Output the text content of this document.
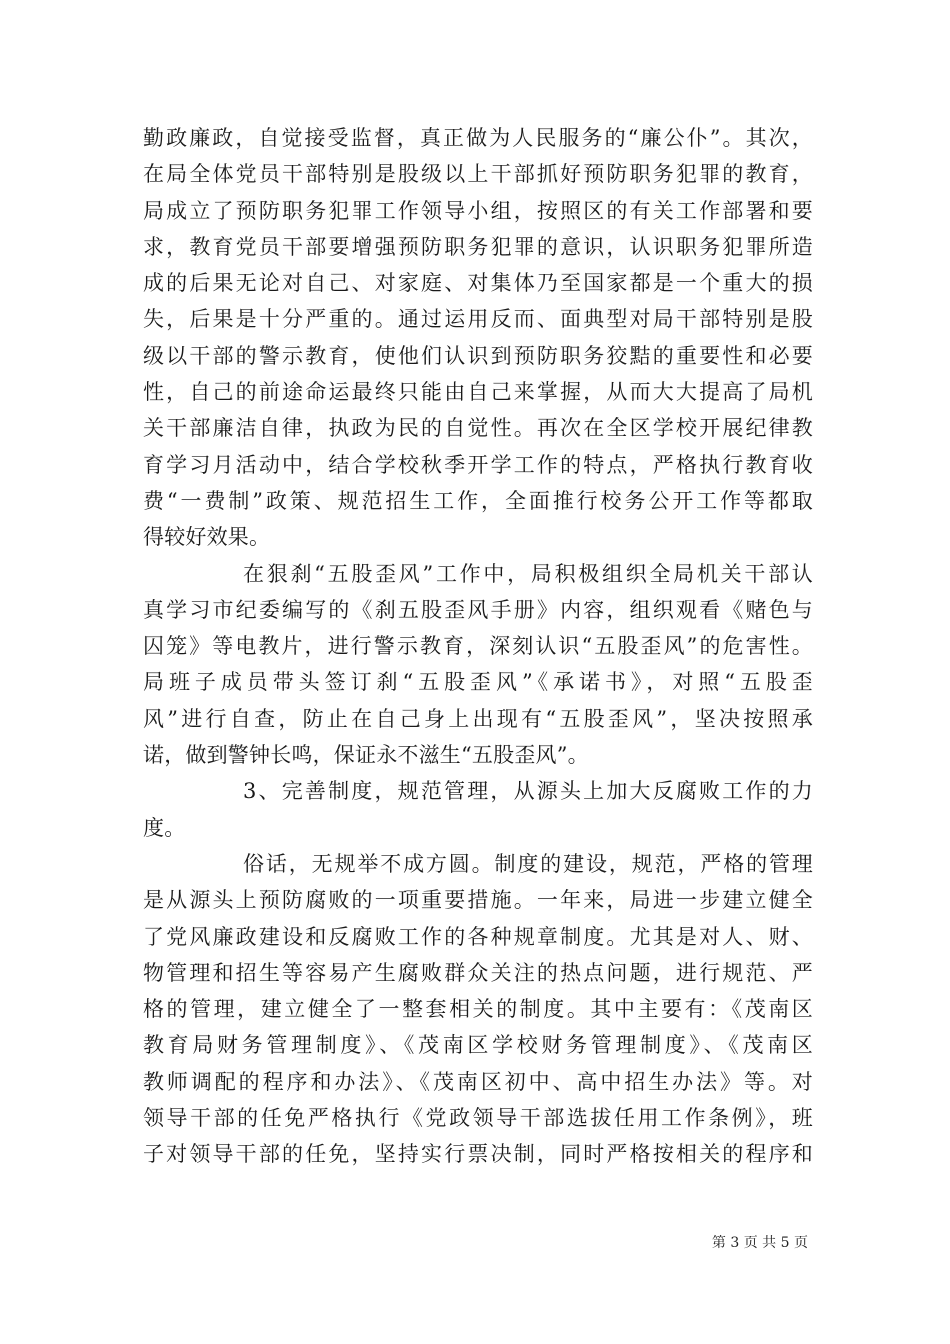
勤政廉政，自觉接受监督，真正做为人民服务的“廉公仆”。其次，
在局全体党员干部特别是股级以上干部抓好预防职务犯罪的教育，
局成立了预防职务犯罪工作领导小组，按照区的有关工作部署和要
求，教育党员干部要增强预防职务犯罪的意识，认识职务犯罪所造
成的后果无论对自己、对家庭、对集体乃至国家都是一个重大的损
失，后果是十分严重的。通过运用反而、面典型对局干部特别是股
级以干部的警示教育，使他们认识到预防职务狡黠的重要性和必要
性，自己的前途命运最终只能由自己来掌握，从而大大提高了局机
关干部廉洁自律，执政为民的自觉性。再次在全区学校开展纪律教
育学习月活动中，结合学校秋季开学工作的特点，严格执行教育收
费“一费制”政策、规范招生工作，全面推行校务公开工作等都取
得较好效果。
在狠刹“五股歪风”工作中，局积极组织全局机关干部认
真学习市纪委编写的《刹五股歪风手册》内容，组织观看《赌色与
囚笼》等电教片，进行警示教育，深刻认识“五股歪风”的危害性。
局班子成员带头签订刹“五股歪风”《承诺书》，对照“五股歪
风”进行自查，防止在自己身上出现有“五股歪风”，坚决按照承
诺，做到警钟长鸣，保证永不滋生“五股歪风”。
3、完善制度，规范管理，从源头上加大反腐败工作的力
度。
俗话，无规举不成方圆。制度的建设，规范，严格的管理
是从源头上预防腐败的一项重要措施。一年来，局进一步建立健全
了党风廉政建设和反腐败工作的各种规章制度。尤其是对人、财、
物管理和招生等容易产生腐败群众关注的热点问题，进行规范、严
格的管理，建立健全了一整套相关的制度。其中主要有：《茂南区
教育局财务管理制度》、《茂南区学校财务管理制度》、《茂南区
教师调配的程序和办法》、《茂南区初中、高中招生办法》等。对
领导干部的任免严格执行《党政领导干部选拔任用工作条例》，班
子对领导干部的任免，坚持实行票决制，同时严格按相关的程序和
第 3 页 共 5 页
